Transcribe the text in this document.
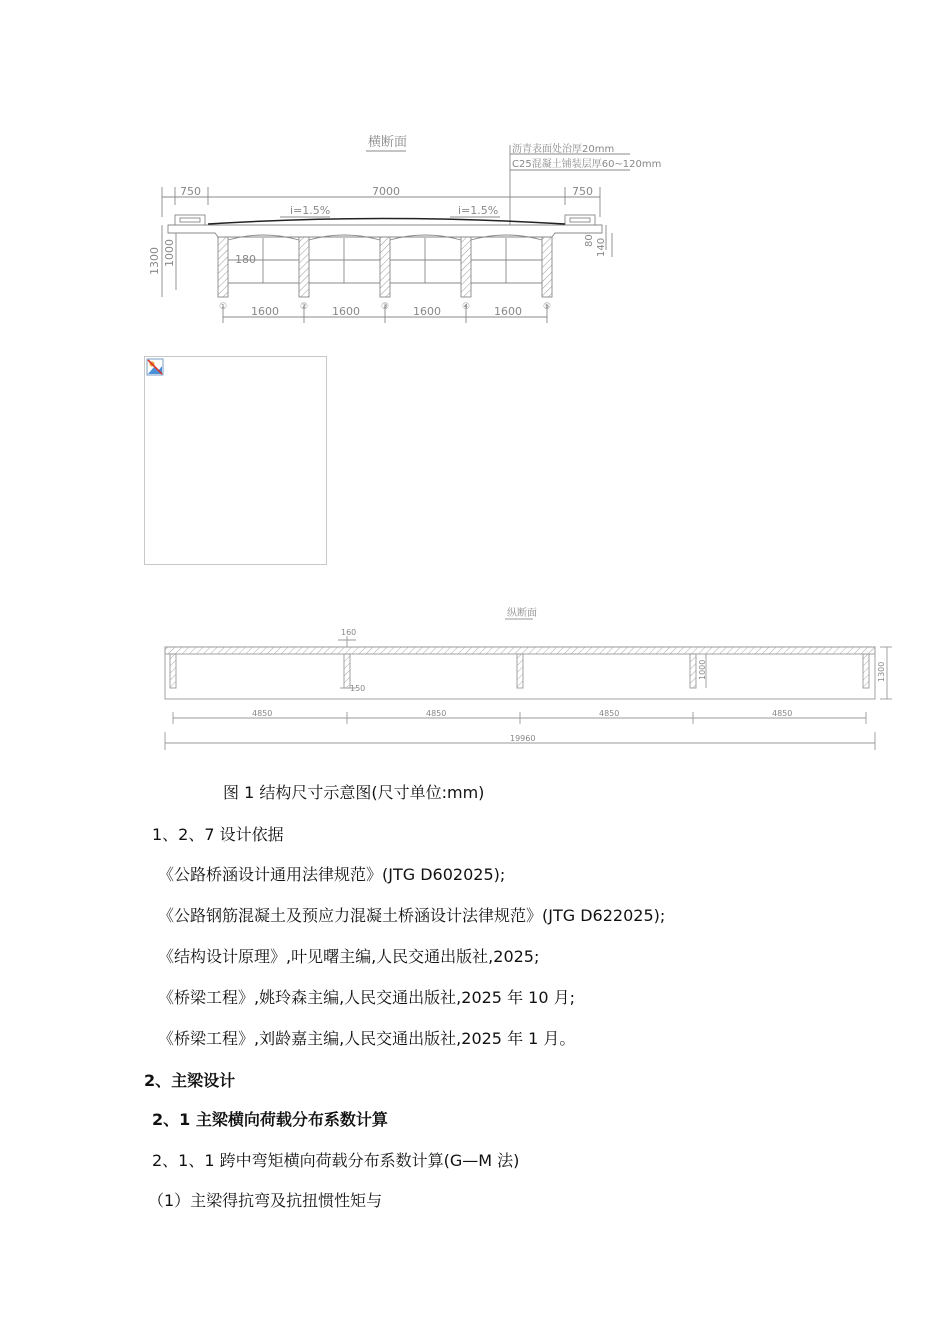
横断面	沥青表面处治厚20mm
C25混凝土铺装层厚60~120mm
750	7000	750
i=1.5%	i=1.5%
1300 1000	180
80 140
①	②	③	④	⑤
1600	1600	1600	1600
纵断面
160
150
1000	1300
4850	4850	4850	4850
19960
图 1 结构尺寸示意图(尺寸单位:mm)
1、2、7 设计依据
《公路桥涵设计通用法律规范》(JTG D602025);
《公路钢筋混凝土及预应力混凝土桥涵设计法律规范》(JTG D622025);
《结构设计原理》,叶见曙主编,人民交通出版社,2025;
《桥梁工程》,姚玲森主编,人民交通出版社,2025 年 10 月;
《桥梁工程》,刘龄嘉主编,人民交通出版社,2025 年 1 月。
2、主梁设计
2、1 主梁横向荷载分布系数计算
2、1、1 跨中弯矩横向荷载分布系数计算(G—M 法)
（1）主梁得抗弯及抗扭惯性矩与
